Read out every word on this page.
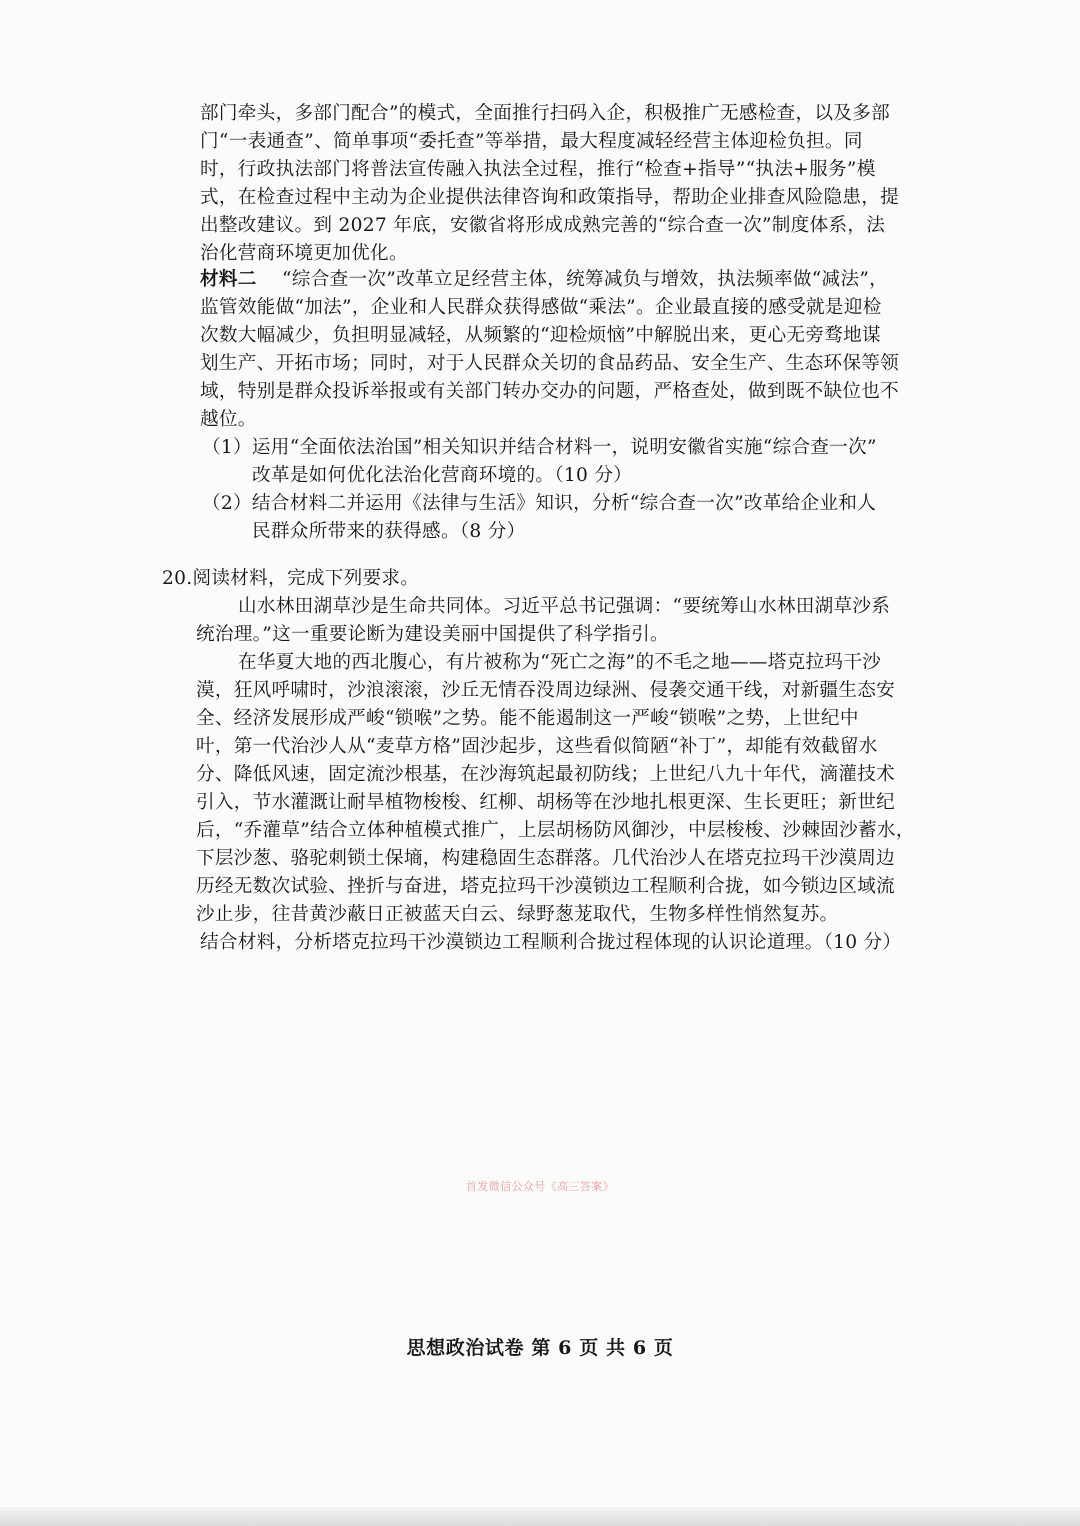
部门牵头，多部门配合”的模式，全面推行扫码入企，积极推广无感检查，以及多部
门“一表通查”、简单事项“委托查”等举措，最大程度减轻经营主体迎检负担。同
时，行政执法部门将普法宣传融入执法全过程，推行“检查+指导”“执法+服务”模
式，在检查过程中主动为企业提供法律咨询和政策指导，帮助企业排查风险隐患，提
出整改建议。到 2027 年底，安徽省将形成成熟完善的“综合查一次”制度体系，法
治化营商环境更加优化。
材料二 “综合查一次”改革立足经营主体，统筹减负与增效，执法频率做“减法”，
监管效能做“加法”，企业和人民群众获得感做“乘法”。企业最直接的感受就是迎检
次数大幅减少，负担明显减轻，从频繁的“迎检烦恼”中解脱出来，更心无旁骛地谋
划生产、开拓市场；同时，对于人民群众关切的食品药品、安全生产、生态环保等领
域，特别是群众投诉举报或有关部门转办交办的问题，严格查处，做到既不缺位也不
越位。
（1）运用“全面依法治国”相关知识并结合材料一，说明安徽省实施“综合查一次”
改革是如何优化法治化营商环境的。（10 分）
（2）结合材料二并运用《法律与生活》知识，分析“综合查一次”改革给企业和人
民群众所带来的获得感。（8 分）
20.阅读材料，完成下列要求。
山水林田湖草沙是生命共同体。习近平总书记强调：“要统筹山水林田湖草沙系
统治理。”这一重要论断为建设美丽中国提供了科学指引。
在华夏大地的西北腹心，有片被称为“死亡之海”的不毛之地——塔克拉玛干沙
漠，狂风呼啸时，沙浪滚滚，沙丘无情吞没周边绿洲、侵袭交通干线，对新疆生态安
全、经济发展形成严峻“锁喉”之势。能不能遏制这一严峻“锁喉”之势，上世纪中
叶，第一代治沙人从“麦草方格”固沙起步，这些看似简陋“补丁”，却能有效截留水
分、降低风速，固定流沙根基，在沙海筑起最初防线；上世纪八九十年代，滴灌技术
引入，节水灌溉让耐旱植物梭梭、红柳、胡杨等在沙地扎根更深、生长更旺；新世纪
后，“乔灌草”结合立体种植模式推广，上层胡杨防风御沙，中层梭梭、沙棘固沙蓄水，
下层沙葱、骆驼刺锁土保墒，构建稳固生态群落。几代治沙人在塔克拉玛干沙漠周边
历经无数次试验、挫折与奋进，塔克拉玛干沙漠锁边工程顺利合拢，如今锁边区域流
沙止步，往昔黄沙蔽日正被蓝天白云、绿野葱茏取代，生物多样性悄然复苏。
结合材料，分析塔克拉玛干沙漠锁边工程顺利合拢过程体现的认识论道理。（10 分）
首发微信公众号《高三答案》
思想政治试卷 第 6 页 共 6 页
